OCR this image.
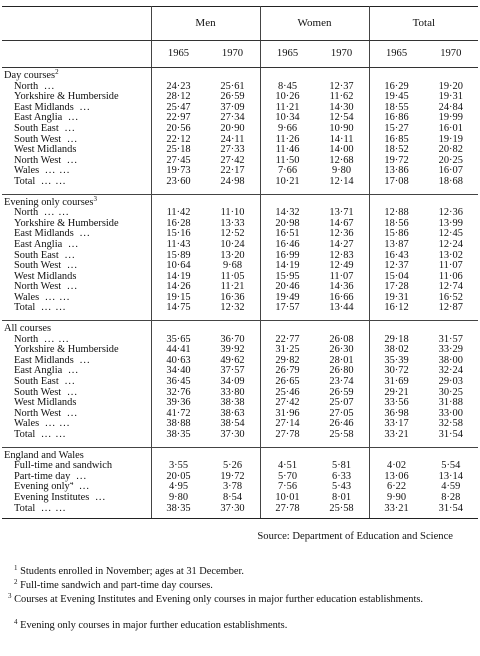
	Men		Women		Total	
	1965	1970	1965	1970	1965	1970
Day courses$^2$						
North ...	24·23	25·61	8·45	12·37	16·29	19·20
Yorkshire & Humberside	28·12	26·59	10·26	11·62	19·45	19·31
East Midlands ...	25·47	37·09	11·21	14·30	18·55	24·84
East Anglia ...	22·97	27·34	10·34	12·54	16·86	19·99
South East ...	20·56	20·90	9·66	10·90	15·27	16·01
South West ...	22·12	24·11	11·26	14·11	16·85	19·19
West Midlands	25·18	27·33	11·46	14·00	18·52	20·82
North West ...	27·45	27·42	11·50	12·68	19·72	20·25
Wales ... ...	19·73	22·17	7·66	9·80	13·86	16·07
Total ... ...	23·60	24·98	10·21	12·14	17·08	18·68
Evening only courses$^3$						
North ... ...	11·42	11·10	14·32	13·71	12·88	12·36
Yorkshire & Humberside	16·28	13·33	20·98	14·67	18·56	13·99
East Midlands ...	15·16	12·52	16·51	12·36	15·86	12·45
East Anglia ...	11·43	10·24	16·46	14·27	13·87	12·24
South East ...	15·89	13·20	16·99	12·83	16·43	13·02
South West ...	10·64	9·68	14·19	12·49	12·37	11·07
West Midlands	14·19	11·05	15·95	11·07	15·04	11·06
North West ...	14·26	11·21	20·46	14·36	17·28	12·74
Wales ... ...	19·15	16·36	19·49	16·66	19·31	16·52
Total ... ...	14·75	12·32	17·57	13·44	16·12	12·87
All courses						
North ... ...	35·65	36·70	22·77	26·08	29·18	31·57
Yorkshire & Humberside	44·41	39·92	31·25	26·30	38·02	33·29
East Midlands ...	40·63	49·62	29·82	28·01	35·39	38·00
East Anglia ...	34·40	37·57	26·79	26·80	30·72	32·24
South East ...	36·45	34·09	26·65	23·74	31·69	29·03
South West ...	32·76	33·80	25·46	26·59	29·21	30·25
West Midlands	39·36	38·38	27·42	25·07	33·56	31·88
North West ...	41·72	38·63	31·96	27·05	36·98	33·00
Wales ... ...	38·88	38·54	27·14	26·46	33·17	32·58
Total ... ...	38·35	37·30	27·78	25·58	33·21	31·54
England and Wales						
Full-time and sandwich	3·55	5·26	4·51	5·81	4·02	5·54
Part-time day ...	20·05	19·72	5·70	6·33	13·06	13·14
Evening only$^4$ ...	4·95	3·78	7·56	5·43	6·22	4·59
Evening Institutes ...	9·80	8·54	10·01	8·01	9·90	8·28
Total ... ...	38·35	37·30	27·78	25·58	33·21	31·54
Source: Department of Education and Science
$^1$ Students enrolled in November; ages at 31 December.
$^2$ Full-time sandwich and part-time day courses.
$^3$ Courses at Evening Institutes and Evening only courses in major further education establishments.
$^4$ Evening only courses in major further education establishments.
